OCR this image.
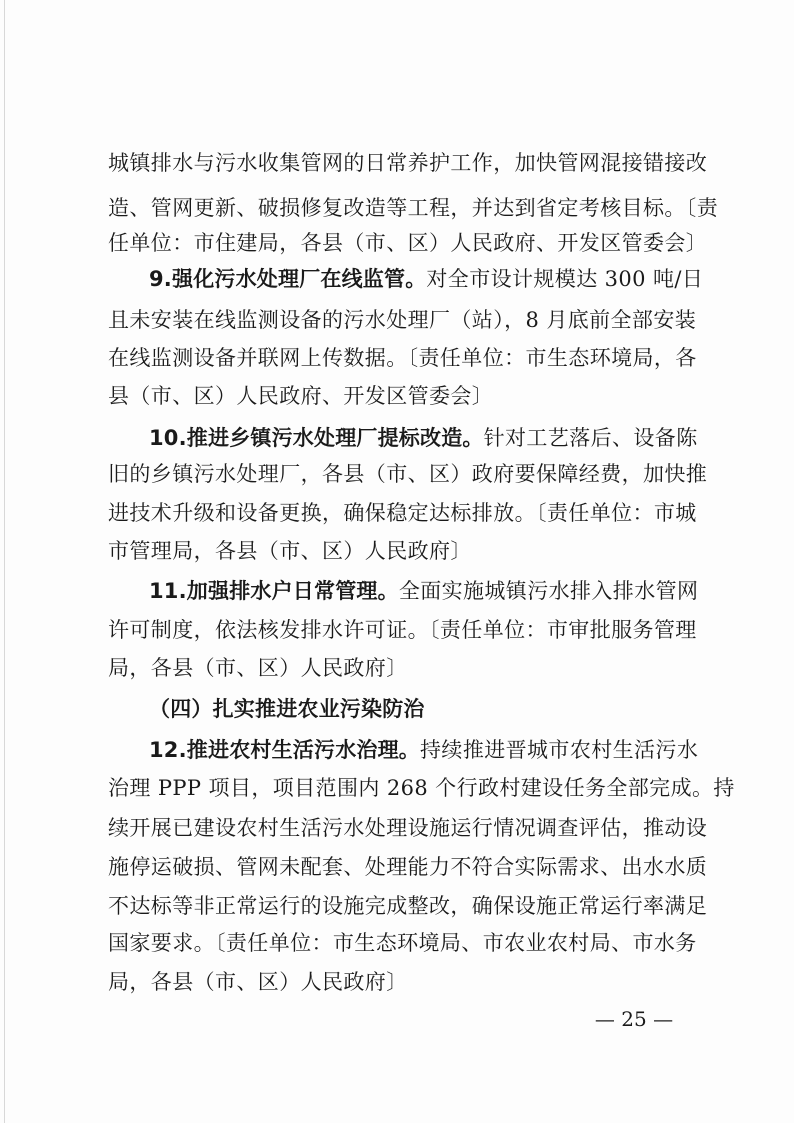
城镇排水与污水收集管网的日常养护工作，加快管网混接错接改
造、管网更新、破损修复改造等工程，并达到省定考核目标。〔责
任单位：市住建局，各县（市、区）人民政府、开发区管委会〕
9.强化污水处理厂在线监管。对全市设计规模达 300 吨/日
且未安装在线监测设备的污水处理厂（站），8 月底前全部安装
在线监测设备并联网上传数据。〔责任单位：市生态环境局，各
县（市、区）人民政府、开发区管委会〕
10.推进乡镇污水处理厂提标改造。针对工艺落后、设备陈
旧的乡镇污水处理厂，各县（市、区）政府要保障经费，加快推
进技术升级和设备更换，确保稳定达标排放。〔责任单位：市城
市管理局，各县（市、区）人民政府〕
11.加强排水户日常管理。全面实施城镇污水排入排水管网
许可制度，依法核发排水许可证。〔责任单位：市审批服务管理
局，各县（市、区）人民政府〕
（四）扎实推进农业污染防治
12.推进农村生活污水治理。持续推进晋城市农村生活污水
治理 PPP 项目，项目范围内 268 个行政村建设任务全部完成。持
续开展已建设农村生活污水处理设施运行情况调查评估，推动设
施停运破损、管网未配套、处理能力不符合实际需求、出水水质
不达标等非正常运行的设施完成整改，确保设施正常运行率满足
国家要求。〔责任单位：市生态环境局、市农业农村局、市水务
局，各县（市、区）人民政府〕
— 25 —
